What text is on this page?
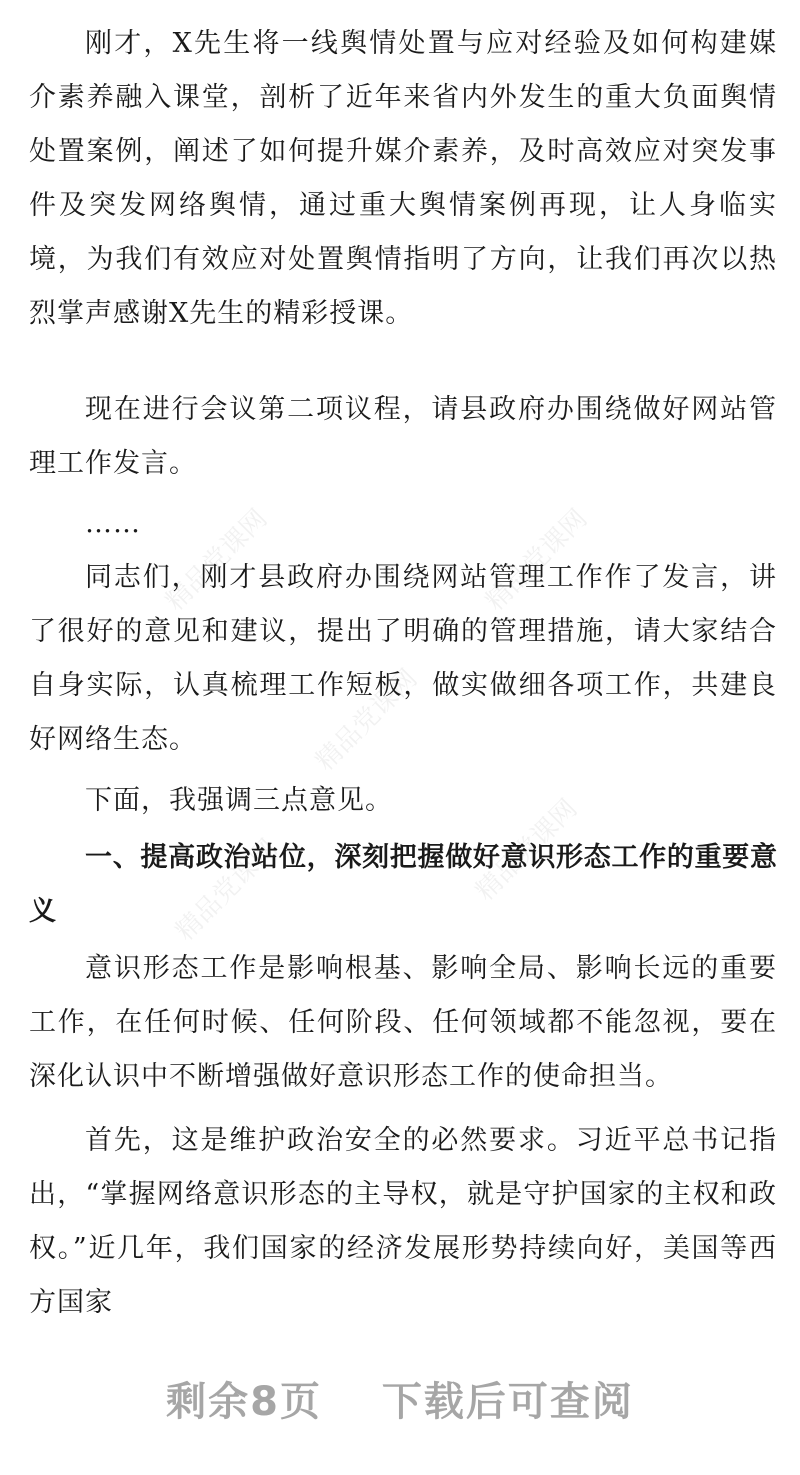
精品党课网	精品党课网
精品党课网
精品党课网	精品党课网

刚才，X先生将一线舆情处置与应对经验及如何构建媒介素养融入课堂，剖析了近年来省内外发生的重大负面舆情处置案例，阐述了如何提升媒介素养，及时高效应对突发事件及突发网络舆情，通过重大舆情案例再现，让人身临实境，为我们有效应对处置舆情指明了方向，让我们再次以热烈掌声感谢X先生的精彩授课。

现在进行会议第二项议程，请县政府办围绕做好网站管理工作发言。

……

同志们，刚才县政府办围绕网站管理工作作了发言，讲了很好的意见和建议，提出了明确的管理措施，请大家结合自身实际，认真梳理工作短板，做实做细各项工作，共建良好网络生态。

下面，我强调三点意见。

一、提高政治站位，深刻把握做好意识形态工作的重要意义

意识形态工作是影响根基、影响全局、影响长远的重要工作，在任何时候、任何阶段、任何领域都不能忽视，要在深化认识中不断增强做好意识形态工作的使命担当。

首先，这是维护政治安全的必然要求。习近平总书记指出，“掌握网络意识形态的主导权，就是守护国家的主权和政权。”近几年，我们国家的经济发展形势持续向好，美国等西方国家

剩余8页 下载后可查阅
